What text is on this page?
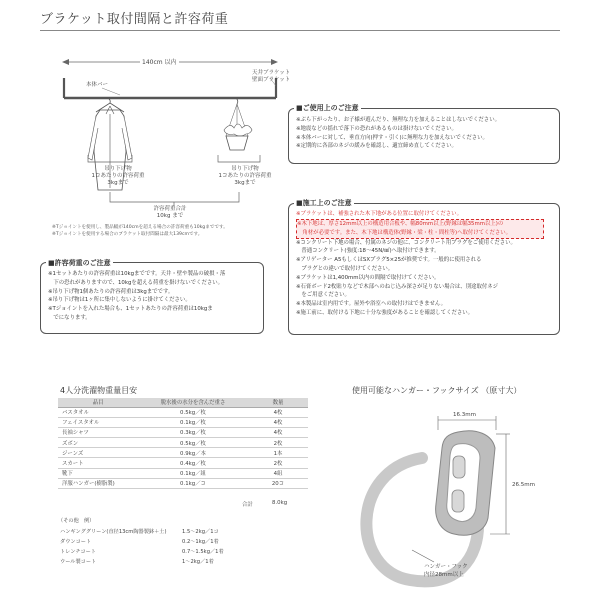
ブラケット取付間隔と許容荷重
140cm 以内
本体バー
天井ブラケット
壁面ブラケット
吊り下げ物
1コあたりの許容荷重
3kgまで
吊り下げ物
1コあたりの許容荷重
3kgまで
許容荷重合計
10kg まで
※Tジョイントを使用し、製品幅が140cmを超える場合の許容荷重も10kgまでです。
※Tジョイントを使用する場合のブラケット取付間隔は最大139cmです。
■許容荷重のご注意
※1セットあたりの許容荷重は10kgまでです。天井・壁や製品の破損・落
　下の恐れがありますので、10kgを超える荷重を掛けないでください。
※吊り下げ物1個あたりの許容荷重は3kgまでです。
※吊り下げ物は1ヶ所に集中しないように掛けてください。
※Tジョイントを入れた場合も、1セットあたりの許容荷重は10kgま
　でになります。
■ご使用上のご注意
※ぶら下がったり、お子様が遊んだり、無理な力を加えることはしないでください。
※地震などの揺れで落下の恐れがあるものは掛けないでください。
※本体バーに対して、垂直方向(押す・引く)に無理な力を加えないでください。
※定期的に各部のネジの緩みを確認し、適宜締め直してください。
■施工上のご注意
※ブラケットは、補強された木下地がある位置に取付けてください。
※木下地は、厚さ12mm以上の構造用合板や、幅80mm以上(野縁は幅35mm以上)の
　角材が必要です。また、木下地は構造体(野縁・梁・柱・間柱等)へ取付けてください。
※コンクリート下地の場合、付属のネジの他に、コンクリート用プラグをご使用ください。
　普通コンクリート(強度:18～45N/㎟)へ取付けできます。
※アリゲーター A5もしくはSXプラグ5×25が推奨です。一般的に使用される
　プラグとの違いで取付けてください。
※ブラケットは1,400mm以内の間隔で取付けてください。
※石膏ボード2枚貼りなどで木部へのねじ込み深さが足りない場合は、別途取付ネジ
　をご用意ください。
※本製品は室内用です。屋外や浴室への取付けはできません。
※施工前に、取付ける下地に十分な強度があることを確認してください。
4人分洗濯物重量目安
品目	脱水後の水分を含んだ重さ	数量
バスタオル	0.5kg／枚	4枚
フェイスタオル	0.1kg／枚	4枚
長袖シャツ	0.3kg／枚	4枚
ズボン	0.5kg／枚	2枚
ジーンズ	0.9kg／本	1本
スカート	0.4kg／枚	2枚
靴下	0.1kg／組	4組
洋服ハンガー(樹脂製)	0.1kg／コ	20コ
合計	8.0kg
（その他　例）
ハンギンググリーン(直径13cm陶器製鉢＋土)	1.5～2kg／1コ
ダウンコート	0.2～1kg／1着
トレンチコート	0.7～1.5kg／1着
ウール製コート	1～2kg／1着
使用可能なハンガー・フックサイズ （原寸大）
16.3mm
26.5mm
ハンガー・フック
内径28mm以上
